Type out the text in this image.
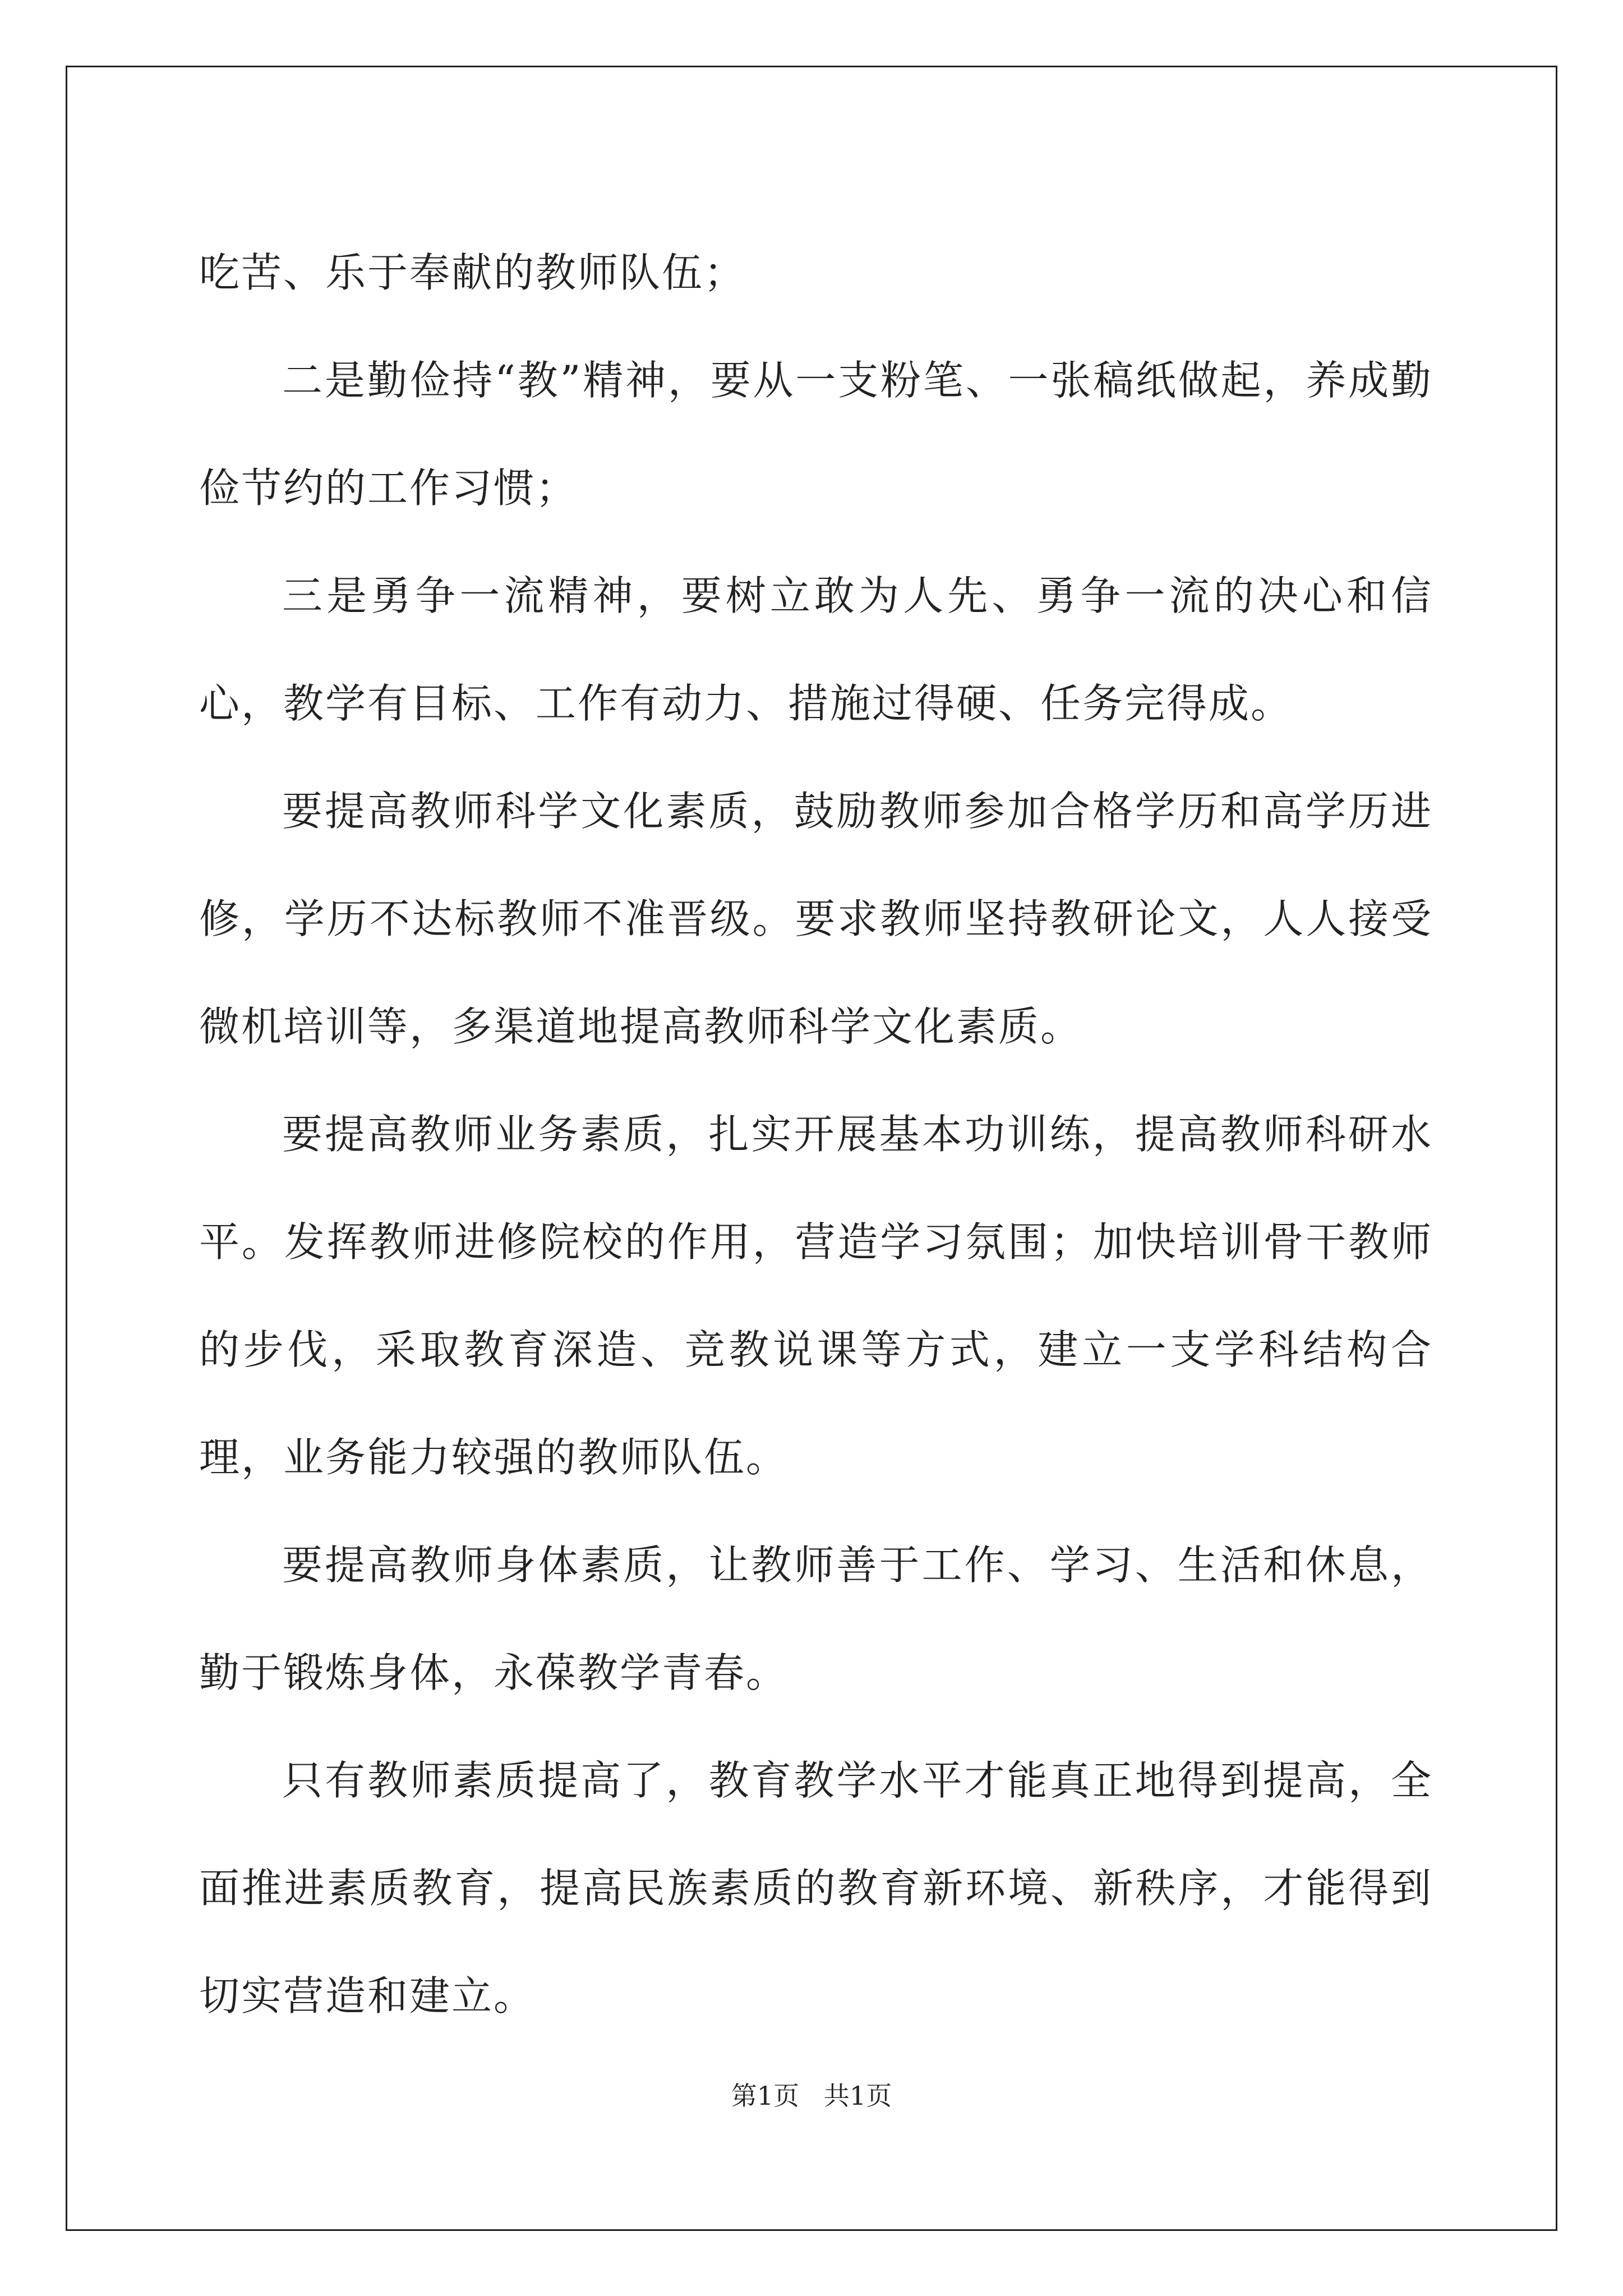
吃苦、乐于奉献的教师队伍；

二是勤俭持“教”精神，要从一支粉笔、一张稿纸做起，养成勤俭节约的工作习惯；

三是勇争一流精神，要树立敢为人先、勇争一流的决心和信心，教学有目标、工作有动力、措施过得硬、任务完得成。

要提高教师科学文化素质，鼓励教师参加合格学历和高学历进修，学历不达标教师不准晋级。要求教师坚持教研论文，人人接受微机培训等，多渠道地提高教师科学文化素质。

要提高教师业务素质，扎实开展基本功训练，提高教师科研水平。发挥教师进修院校的作用，营造学习氛围；加快培训骨干教师的步伐，采取教育深造、竞教说课等方式，建立一支学科结构合理，业务能力较强的教师队伍。

要提高教师身体素质，让教师善于工作、学习、生活和休息，勤于锻炼身体，永葆教学青春。

只有教师素质提高了，教育教学水平才能真正地得到提高，全面推进素质教育，提高民族素质的教育新环境、新秩序，才能得到切实营造和建立。

第1页   共1页
